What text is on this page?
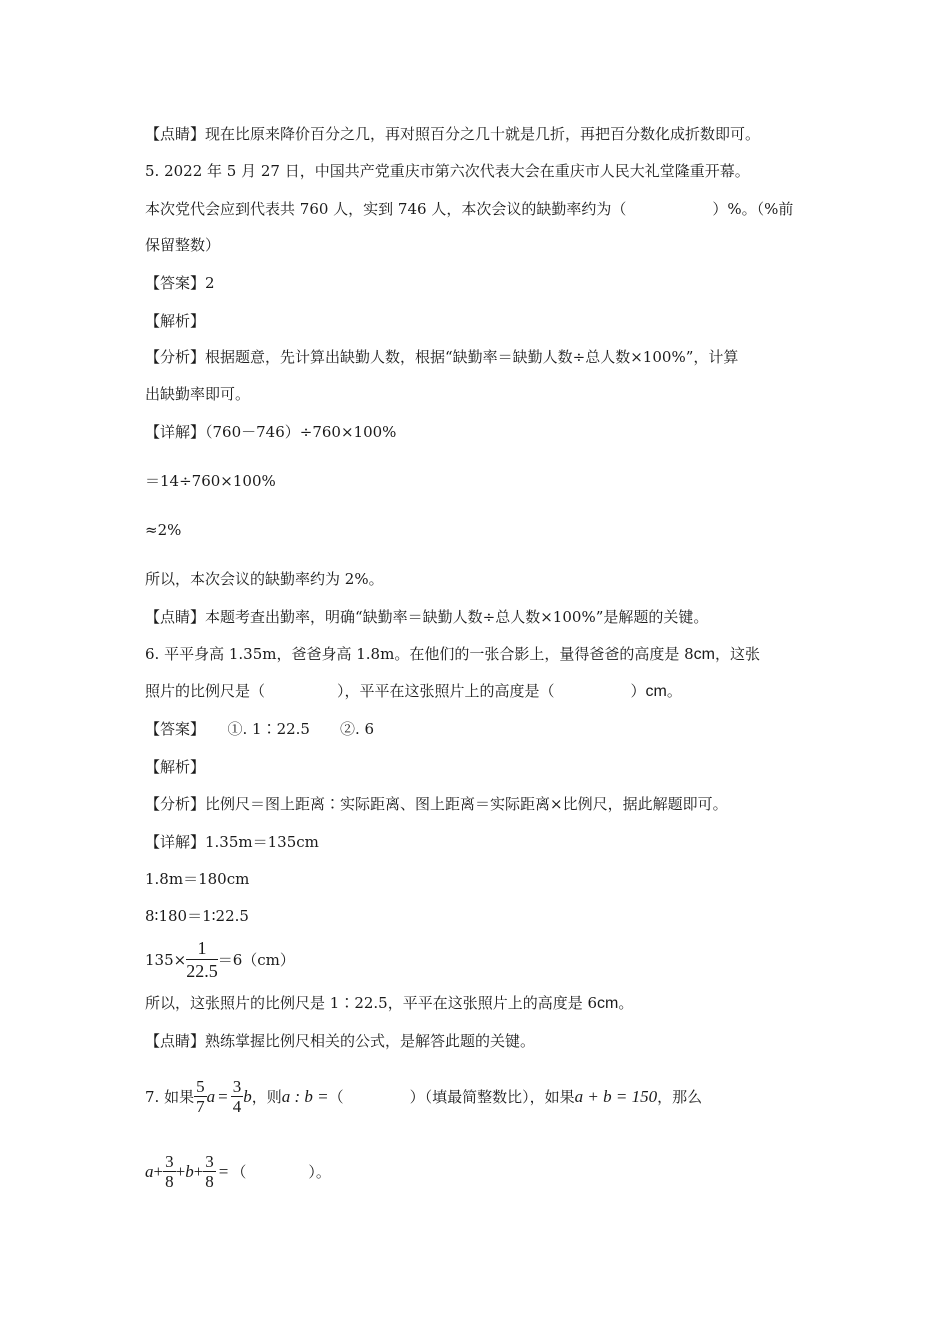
【点睛】现在比原来降价百分之几，再对照百分之几十就是几折，再把百分数化成折数即可。
5. 2022 年 5 月 27 日，中国共产党重庆市第六次代表大会在重庆市人民大礼堂隆重开幕。
本次党代会应到代表共 760 人，实到 746 人，本次会议的缺勤率约为（	）%。（%前
保留整数）
【答案】2
【解析】
【分析】根据题意，先计算出缺勤人数，根据“缺勤率＝缺勤人数÷总人数×100%”，计算
出缺勤率即可。
【详解】（760－746）÷760×100%
＝14÷760×100%
≈2%
所以，本次会议的缺勤率约为 2%。
【点睛】本题考查出勤率，明确“缺勤率＝缺勤人数÷总人数×100%”是解题的关键。
6. 平平身高 1.35m，爸爸身高 1.8m。在他们的一张合影上，量得爸爸的高度是 8cm，这张
照片的比例尺是（	），平平在这张照片上的高度是（	）cm。
【答案】　　①. 1∶22.5　　②. 6
【解析】
【分析】比例尺＝图上距离∶实际距离、图上距离＝实际距离×比例尺，据此解题即可。
【详解】1.35m＝135cm
1.8m＝180cm
8∶180＝1∶22.5
$135\times \frac{1}{22.5} =6(cm)$
所以，这张照片的比例尺是 1∶22.5，平平在这张照片上的高度是 6cm。
【点睛】熟练掌握比例尺相关的公式，是解答此题的关键。
7. 如果 $\frac{5}{7}$ $a = \frac{3}{4}$ b，则a : b =（	）（填最简整数比），如果a + b = 150，那么
$a+ \frac{3}{8} +b+ \frac{3}{8}$ = （	）。
